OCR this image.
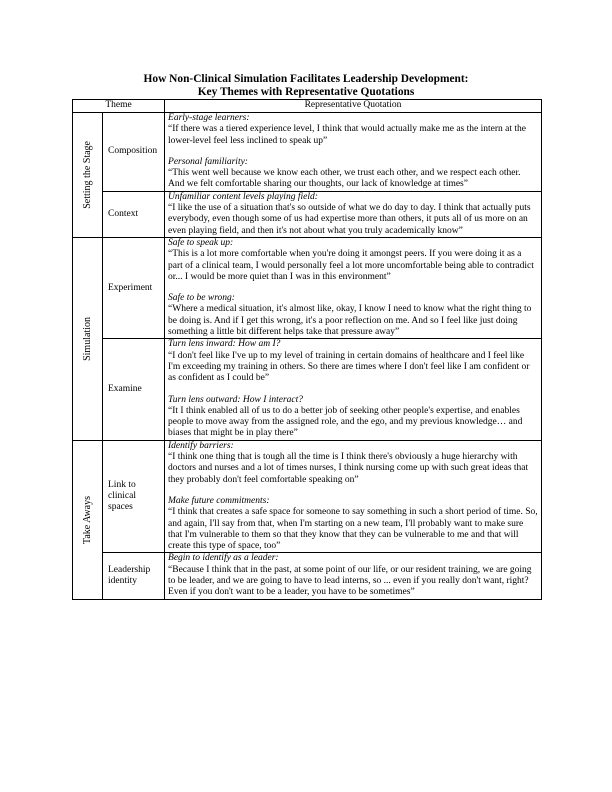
How Non-Clinical Simulation Facilitates Leadership Development:
Key Themes with Representative Quotations
Theme		Representative Quotation

Setting the Stage	Composition	Early-stage learners:

“If there was a tiered experience level, I think that would actually make me as the intern at the lower-level feel less inclined to speak up”

Personal familiarity:

“This went well because we know each other, we trust each other, and we respect each other. And we felt comfortable sharing our thoughts, our lack of knowledge at times”

	Context	Unfamiliar content levels playing field:

“I like the use of a situation that's so outside of what we do day to day. I think that actually puts everybody, even though some of us had expertise more than others, it puts all of us more on an even playing field, and then it's not about what you truly academically know”

Simulation	Experiment	Safe to speak up:

“This is a lot more comfortable when you're doing it amongst peers. If you were doing it as a part of a clinical team, I would personally feel a lot more uncomfortable being able to contradict or... I would be more quiet than I was in this environment”

Safe to be wrong:

“Where a medical situation, it's almost like, okay, I know I need to know what the right thing to be doing is. And if I get this wrong, it's a poor reflection on me. And so I feel like just doing something a little bit different helps take that pressure away”

	Examine	Turn lens inward: How am I?

“I don't feel like I've up to my level of training in certain domains of healthcare and I feel like I'm exceeding my training in others. So there are times where I don't feel like I am confident or as confident as I could be”

Turn lens outward: How I interact?

“It I think enabled all of us to do a better job of seeking other people's expertise, and enables people to move away from the assigned role, and the ego, and my previous knowledge… and biases that might be in play there”

Take Aways	Link to clinical spaces	Identify barriers:

“I think one thing that is tough all the time is I think there's obviously a huge hierarchy with doctors and nurses and a lot of times nurses, I think nursing come up with such great ideas that they probably don't feel comfortable speaking on”

Make future commitments:

“I think that creates a safe space for someone to say something in such a short period of time. So, and again, I'll say from that, when I'm starting on a new team, I'll probably want to make sure that I'm vulnerable to them so that they know that they can be vulnerable to me and that will create this type of space, too”

	Leadership identity	Begin to identify as a leader:

“Because I think that in the past, at some point of our life, or our resident training, we are going to be leader, and we are going to have to lead interns, so ... even if you really don't want, right? Even if you don't want to be a leader, you have to be sometimes”
